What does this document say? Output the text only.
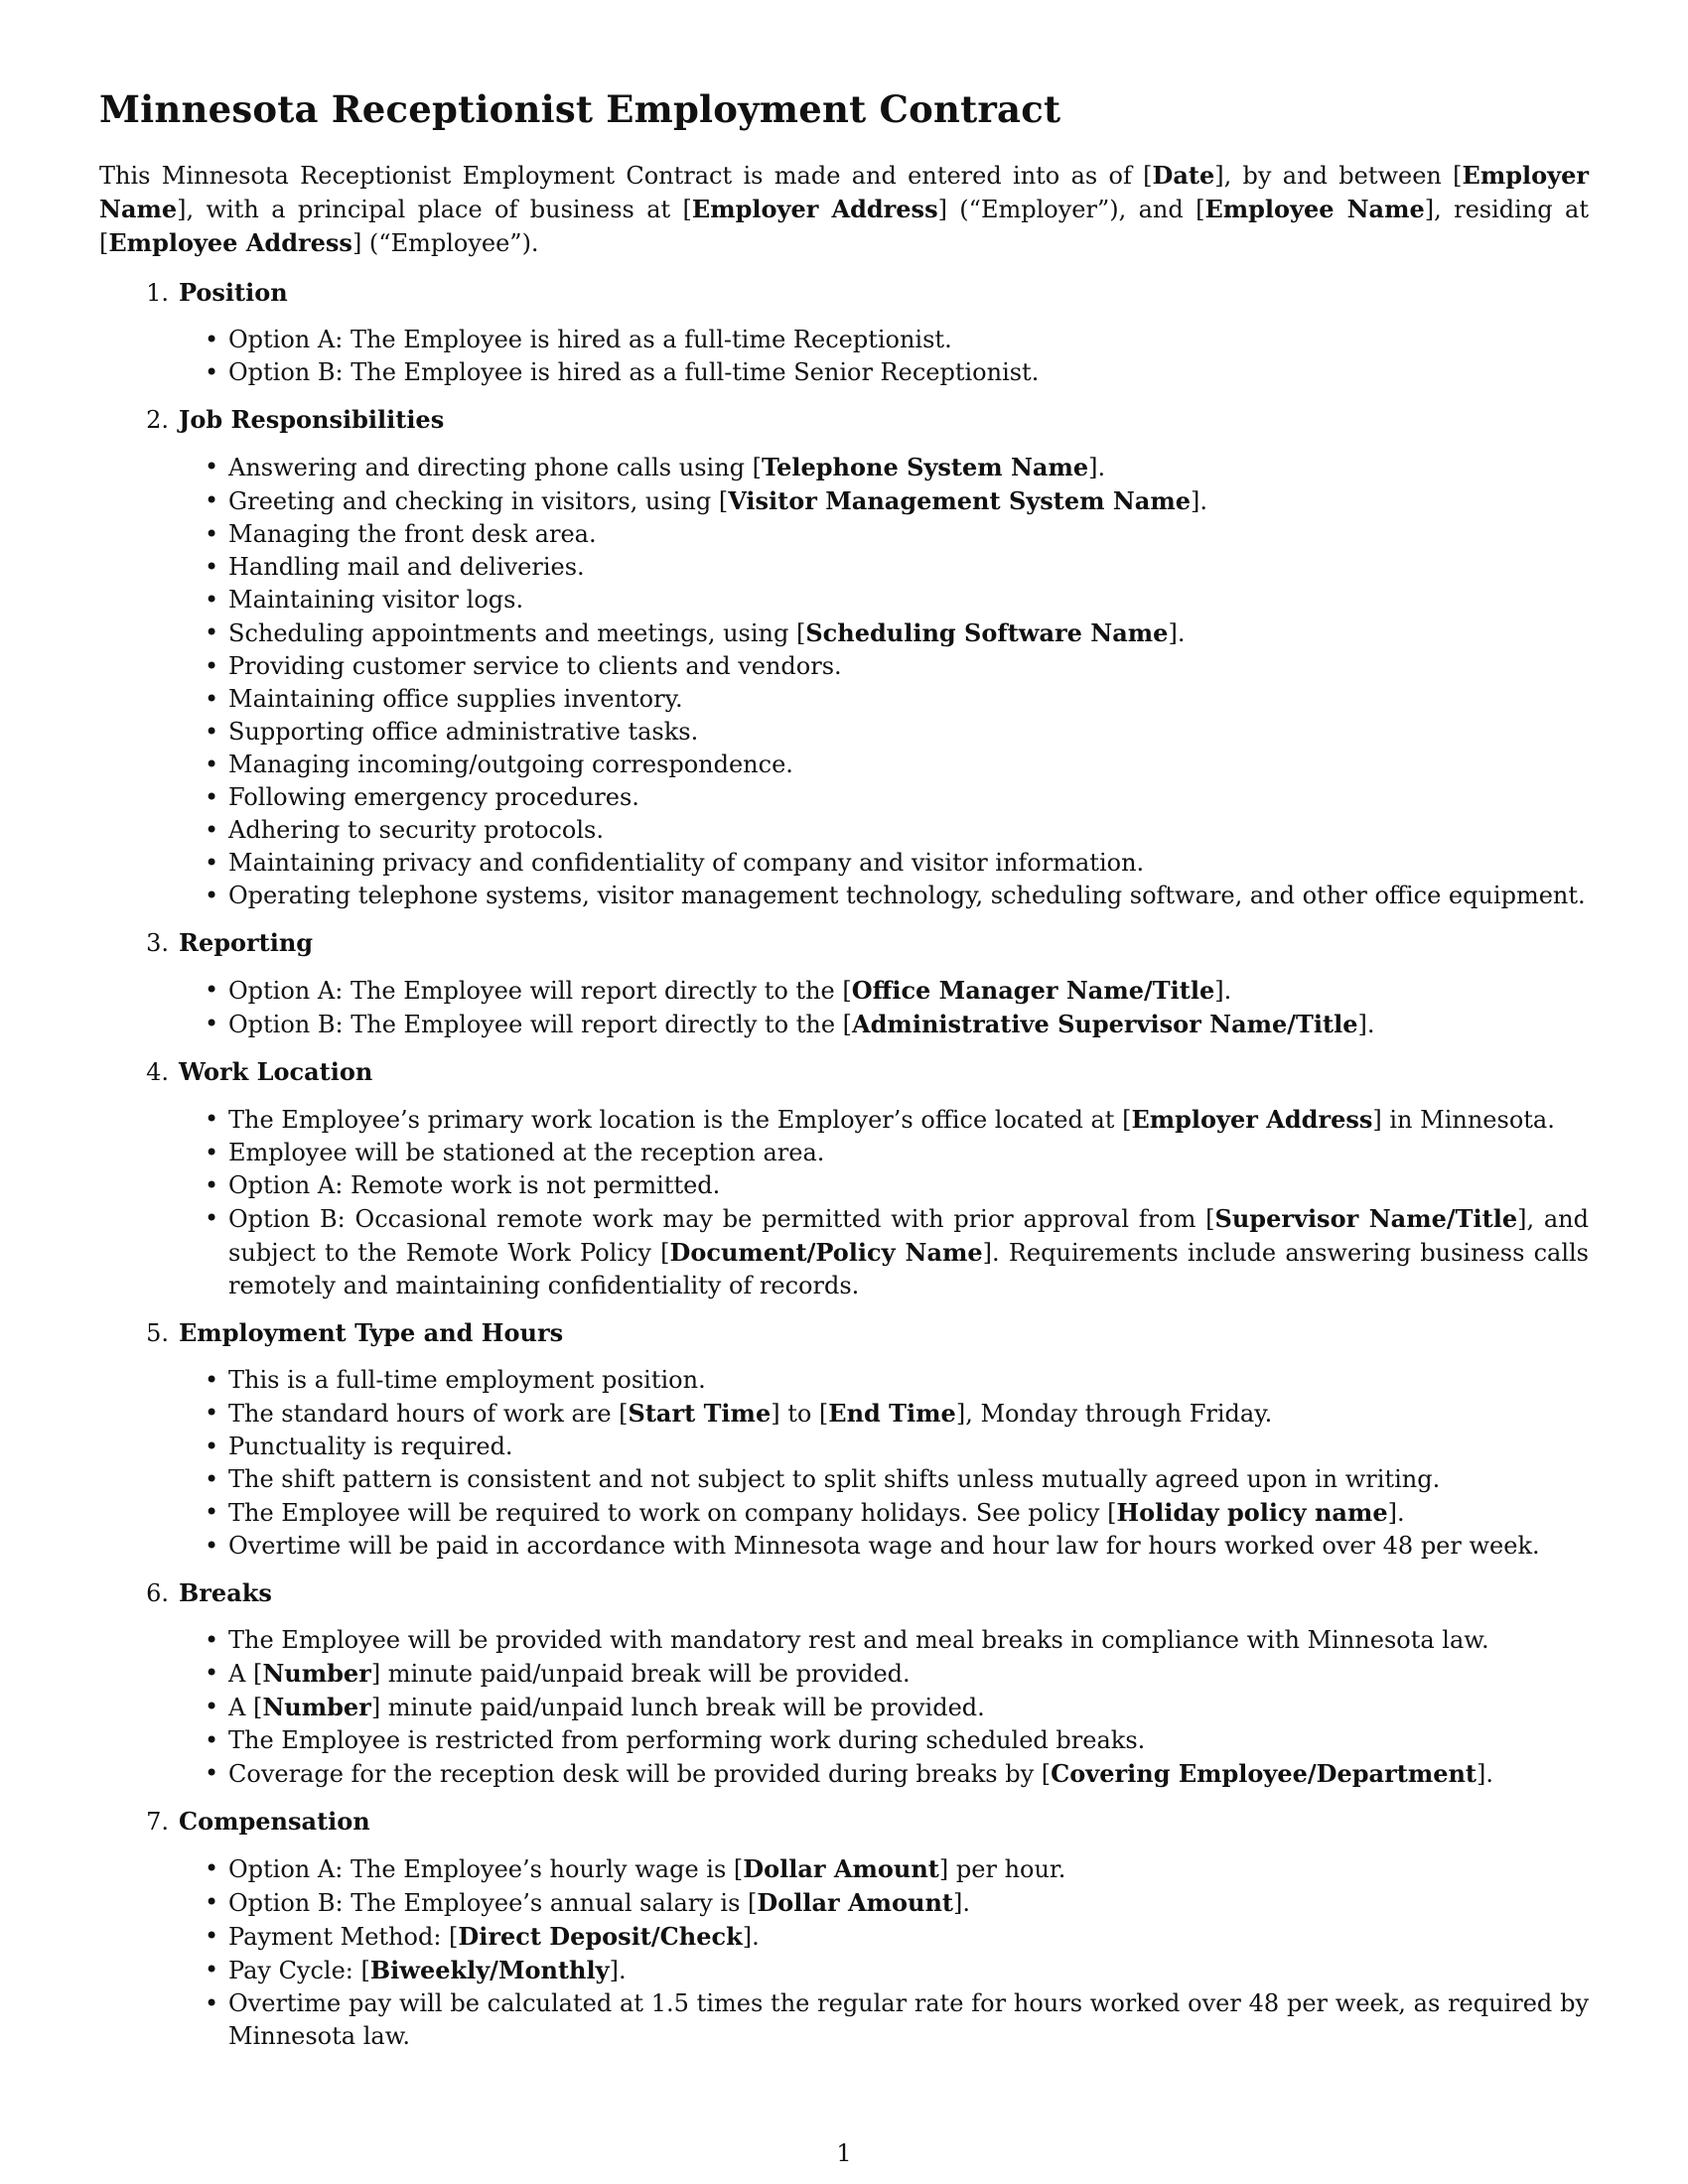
Minnesota Receptionist Employment Contract

This Minnesota Receptionist Employment Contract is made and entered into as of [Date], by and between [Employer Name], with a principal place of business at [Employer Address] (“Employer”), and [Employee Name], residing at [Employee Address] (“Employee”).

1. Position
• Option A: The Employee is hired as a full-time Receptionist.
• Option B: The Employee is hired as a full-time Senior Receptionist.
2. Job Responsibilities
• Answering and directing phone calls using [Telephone System Name].
• Greeting and checking in visitors, using [Visitor Management System Name].
• Managing the front desk area.
• Handling mail and deliveries.
• Maintaining visitor logs.
• Scheduling appointments and meetings, using [Scheduling Software Name].
• Providing customer service to clients and vendors.
• Maintaining office supplies inventory.
• Supporting office administrative tasks.
• Managing incoming/outgoing correspondence.
• Following emergency procedures.
• Adhering to security protocols.
• Maintaining privacy and confidentiality of company and visitor information.
• Operating telephone systems, visitor management technology, scheduling software, and other office equipment.
3. Reporting
• Option A: The Employee will report directly to the [Office Manager Name/Title].
• Option B: The Employee will report directly to the [Administrative Supervisor Name/Title].
4. Work Location
• The Employee’s primary work location is the Employer’s office located at [Employer Address] in Minnesota.
• Employee will be stationed at the reception area.
• Option A: Remote work is not permitted.
• Option B: Occasional remote work may be permitted with prior approval from [Supervisor Name/Title], and subject to the Remote Work Policy [Document/Policy Name]. Requirements include answering business calls remotely and maintaining confidentiality of records.
5. Employment Type and Hours
• This is a full-time employment position.
• The standard hours of work are [Start Time] to [End Time], Monday through Friday.
• Punctuality is required.
• The shift pattern is consistent and not subject to split shifts unless mutually agreed upon in writing.
• The Employee will be required to work on company holidays. See policy [Holiday policy name].
• Overtime will be paid in accordance with Minnesota wage and hour law for hours worked over 48 per week.
6. Breaks
• The Employee will be provided with mandatory rest and meal breaks in compliance with Minnesota law.
• A [Number] minute paid/unpaid break will be provided.
• A [Number] minute paid/unpaid lunch break will be provided.
• The Employee is restricted from performing work during scheduled breaks.
• Coverage for the reception desk will be provided during breaks by [Covering Employee/Department].
7. Compensation
• Option A: The Employee’s hourly wage is [Dollar Amount] per hour.
• Option B: The Employee’s annual salary is [Dollar Amount].
• Payment Method: [Direct Deposit/Check].
• Pay Cycle: [Biweekly/Monthly].
• Overtime pay will be calculated at 1.5 times the regular rate for hours worked over 48 per week, as required by Minnesota law.
1
